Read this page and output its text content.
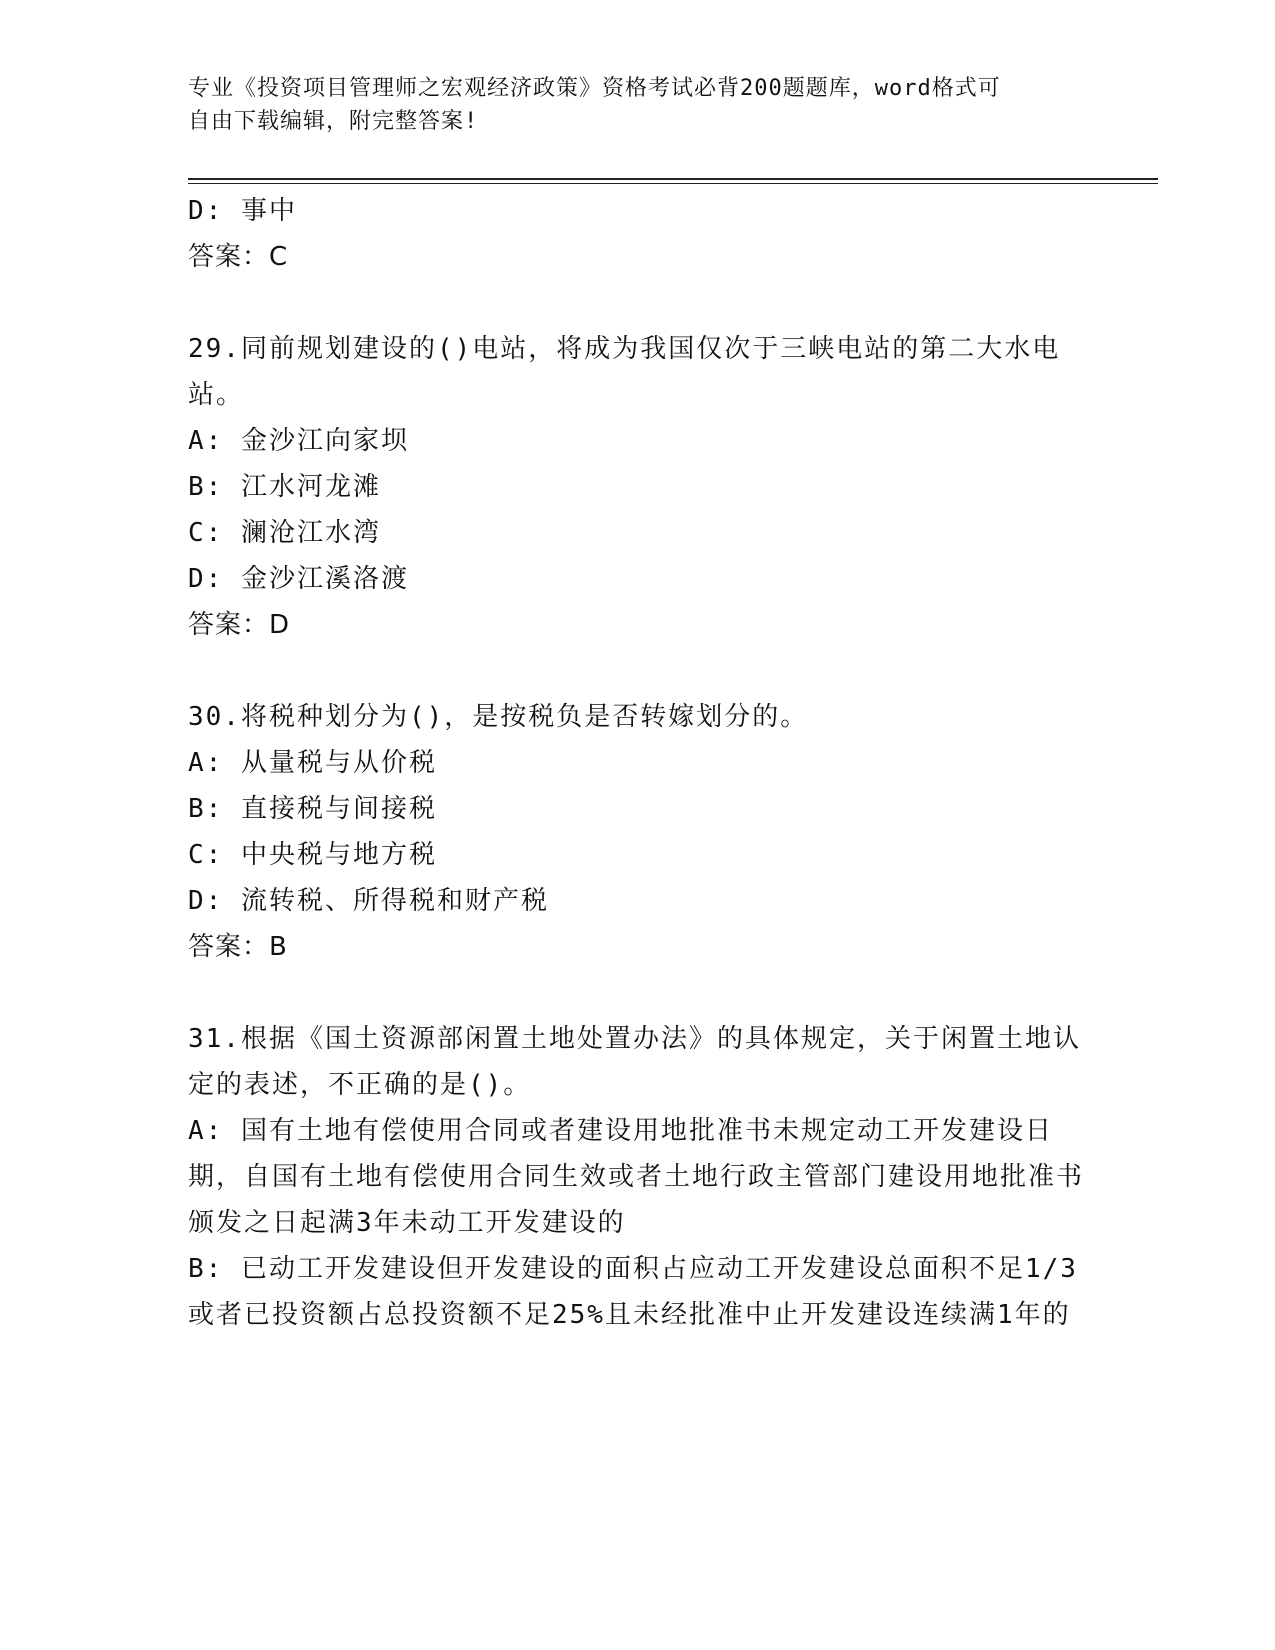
专业《投资项目管理师之宏观经济政策》资格考试必背200题题库，word格式可
自由下载编辑，附完整答案!
D: 事中
答案：C
29.同前规划建设的()电站，将成为我国仅次于三峡电站的第二大水电站。
A: 金沙江向家坝
B: 江水河龙滩
C: 澜沧江水湾
D: 金沙江溪洛渡
答案：D
30.将税种划分为()，是按税负是否转嫁划分的。
A: 从量税与从价税
B: 直接税与间接税
C: 中央税与地方税
D: 流转税、所得税和财产税
答案：B
31.根据《国土资源部闲置土地处置办法》的具体规定，关于闲置土地认定的表述，不正确的是()。
A: 国有土地有偿使用合同或者建设用地批准书未规定动工开发建设日期，自国有土地有偿使用合同生效或者土地行政主管部门建设用地批准书颁发之日起满3年未动工开发建设的
B: 已动工开发建设但开发建设的面积占应动工开发建设总面积不足1/3或者已投资额占总投资额不足25%且未经批准中止开发建设连续满1年的
